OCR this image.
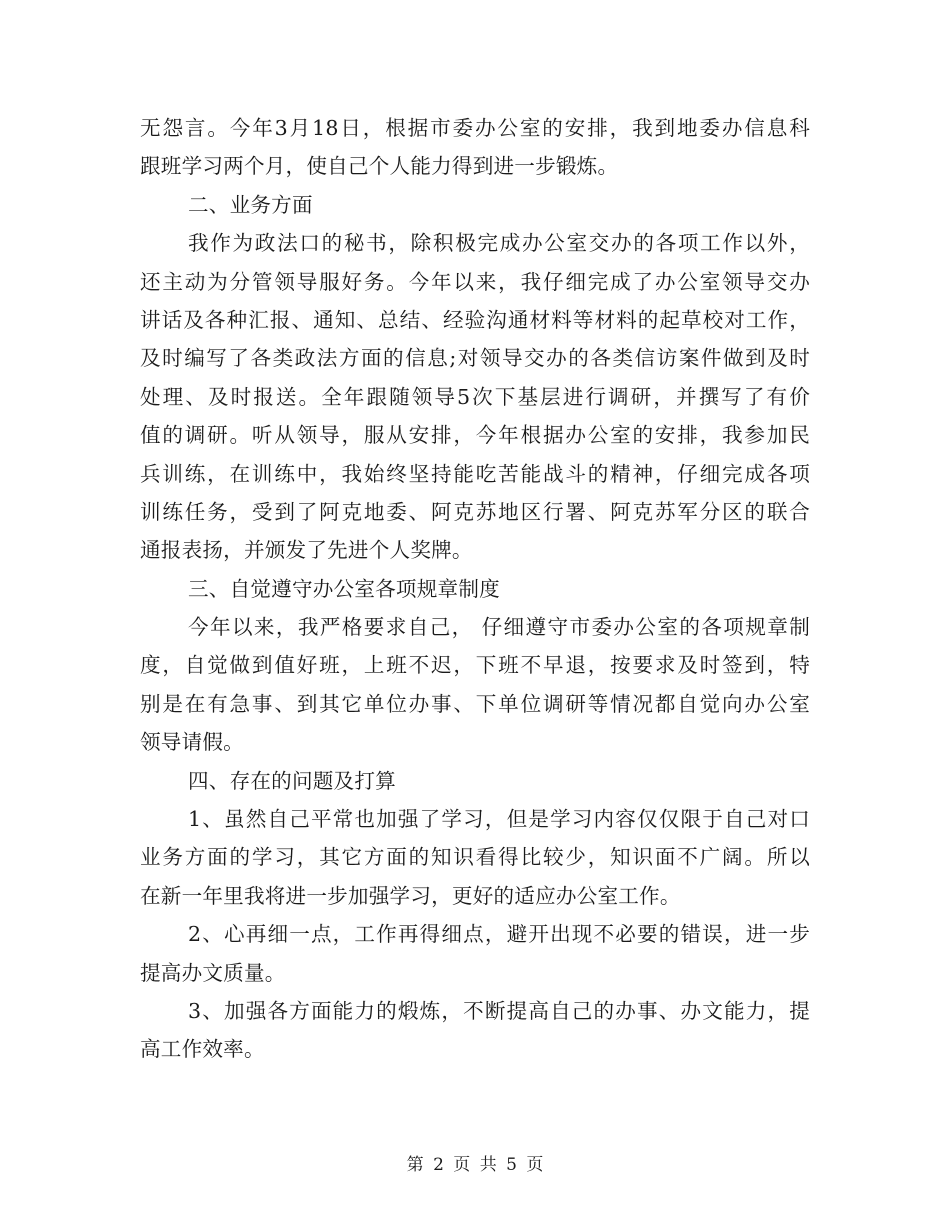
无怨言。今年3月18日，根据市委办公室的安排，我到地委办信息科
跟班学习两个月，使自己个人能力得到进一步锻炼。
二、业务方面
我作为政法口的秘书，除积极完成办公室交办的各项工作以外，
还主动为分管领导服好务。今年以来，我仔细完成了办公室领导交办
讲话及各种汇报、通知、总结、经验沟通材料等材料的起草校对工作，
及时编写了各类政法方面的信息;对领导交办的各类信访案件做到及时
处理、及时报送。全年跟随领导5次下基层进行调研，并撰写了有价
值的调研。听从领导，服从安排，今年根据办公室的安排，我参加民
兵训练，在训练中，我始终坚持能吃苦能战斗的精神，仔细完成各项
训练任务，受到了阿克地委、阿克苏地区行署、阿克苏军分区的联合
通报表扬，并颁发了先进个人奖牌。
三、自觉遵守办公室各项规章制度
今年以来，我严格要求自己， 仔细遵守市委办公室的各项规章制
度，自觉做到值好班，上班不迟，下班不早退，按要求及时签到，特
别是在有急事、到其它单位办事、下单位调研等情况都自觉向办公室
领导请假。
四、存在的问题及打算
1、虽然自己平常也加强了学习，但是学习内容仅仅限于自己对口
业务方面的学习，其它方面的知识看得比较少，知识面不广阔。所以
在新一年里我将进一步加强学习，更好的适应办公室工作。
2、心再细一点，工作再得细点，避开出现不必要的错误，进一步
提高办文质量。
3、加强各方面能力的煅炼，不断提高自己的办事、办文能力，提
高工作效率。
第 2 页 共 5 页
